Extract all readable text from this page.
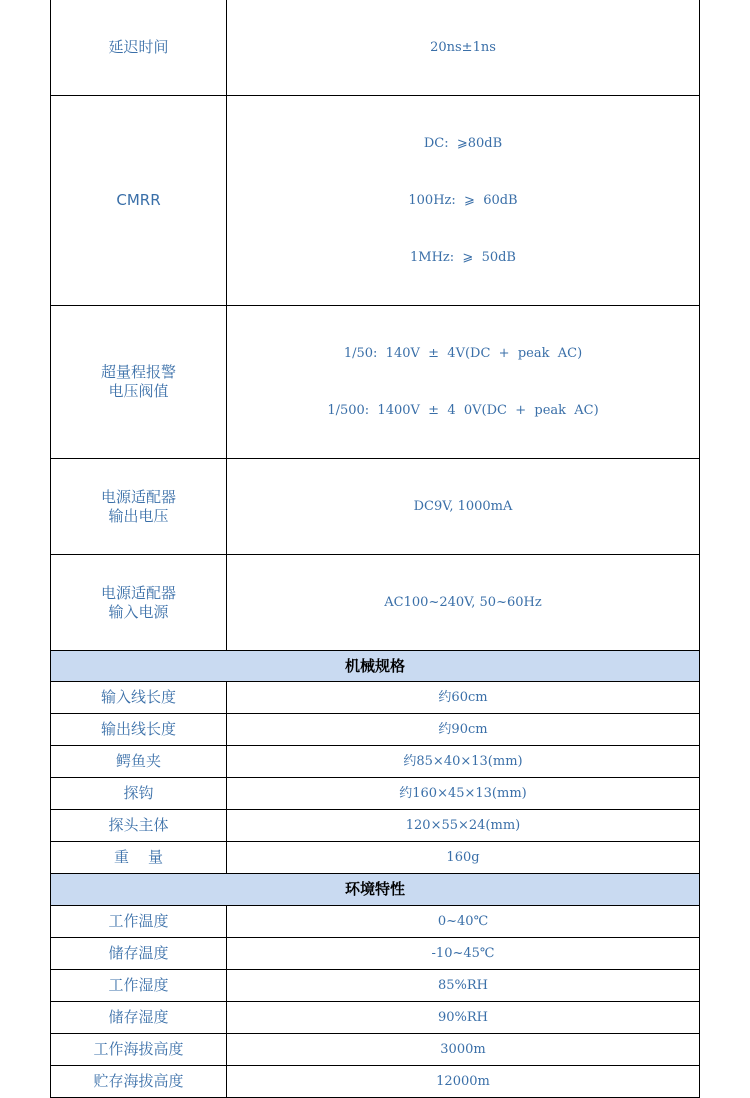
延迟时间	20ns±1ns

CMRR	DC:  ⩾80dB

100Hz:  ⩾  60dB

1MHz:  ⩾  50dB

超量程报警
电压阀值	1/50:  140V  ±  4V(DC  +  peak  AC)

1/500:  1400V  ±  4  0V(DC  +  peak  AC)

电源适配器
输出电压	DC9V, 1000mA

电源适配器
输入电源	AC100~240V, 50~60Hz

机械规格	
输入线长度	约60cm
输出线长度	约90cm
鳄鱼夹	约85×40×13(mm)
探钩	约160×45×13(mm)
探头主体	120×55×24(mm)
重    量	160g
环境特性	
工作温度	0~40℃
储存温度	-10~45℃
工作湿度	85%RH
储存湿度	90%RH
工作海拔高度	3000m
贮存海拔高度	12000m
